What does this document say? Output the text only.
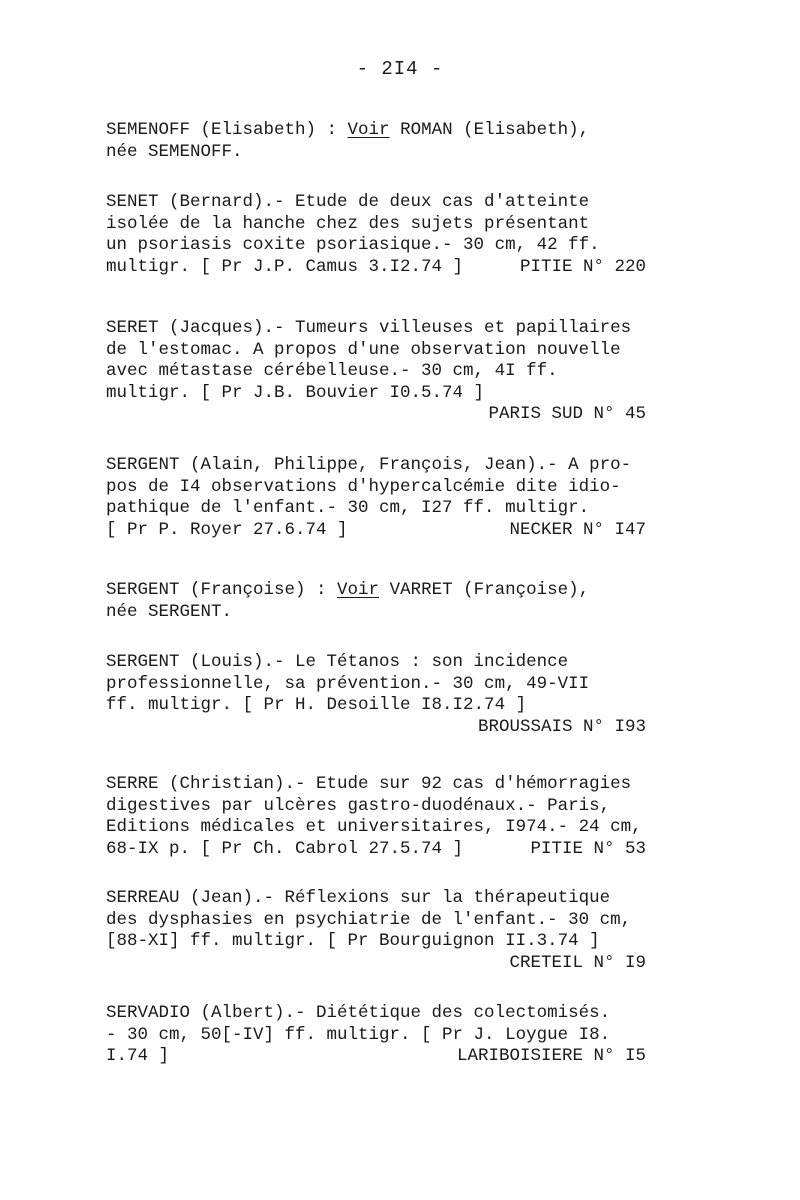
- 2I4 -
SEMENOFF (Elisabeth) : Voir ROMAN (Elisabeth),
née SEMENOFF.
SENET (Bernard).- Etude de deux cas d'atteinte
isolée de la hanche chez des sujets présentant
un psoriasis coxite psoriasique.- 30 cm, 42 ff.
multigr. [ Pr J.P. Camus 3.I2.74 ]	PITIE N° 220
SERET (Jacques).- Tumeurs villeuses et papillaires
de l'estomac. A propos d'une observation nouvelle
avec métastase cérébelleuse.- 30 cm, 4I ff.
multigr. [ Pr J.B. Bouvier I0.5.74 ]
PARIS SUD N° 45
SERGENT (Alain, Philippe, François, Jean).- A pro-
pos de I4 observations d'hypercalcémie dite idio-
pathique de l'enfant.- 30 cm, I27 ff. multigr.
[ Pr P. Royer 27.6.74 ]	NECKER N° I47
SERGENT (Françoise) : Voir VARRET (Françoise),
née SERGENT.
SERGENT (Louis).- Le Tétanos : son incidence
professionnelle, sa prévention.- 30 cm, 49-VII
ff. multigr. [ Pr H. Desoille I8.I2.74 ]
BROUSSAIS N° I93
SERRE (Christian).- Etude sur 92 cas d'hémorragies
digestives par ulcères gastro-duodénaux.- Paris,
Editions médicales et universitaires, I974.- 24 cm,
68-IX p. [ Pr Ch. Cabrol 27.5.74 ]	PITIE N° 53
SERREAU (Jean).- Réflexions sur la thérapeutique
des dysphasies en psychiatrie de l'enfant.- 30 cm,
[88-XI] ff. multigr. [ Pr Bourguignon II.3.74 ]
CRETEIL N° I9
SERVADIO (Albert).- Diététique des colectomisés.
- 30 cm, 50[-IV] ff. multigr. [ Pr J. Loygue I8.
I.74 ]	LARIBOISIERE N° I5
